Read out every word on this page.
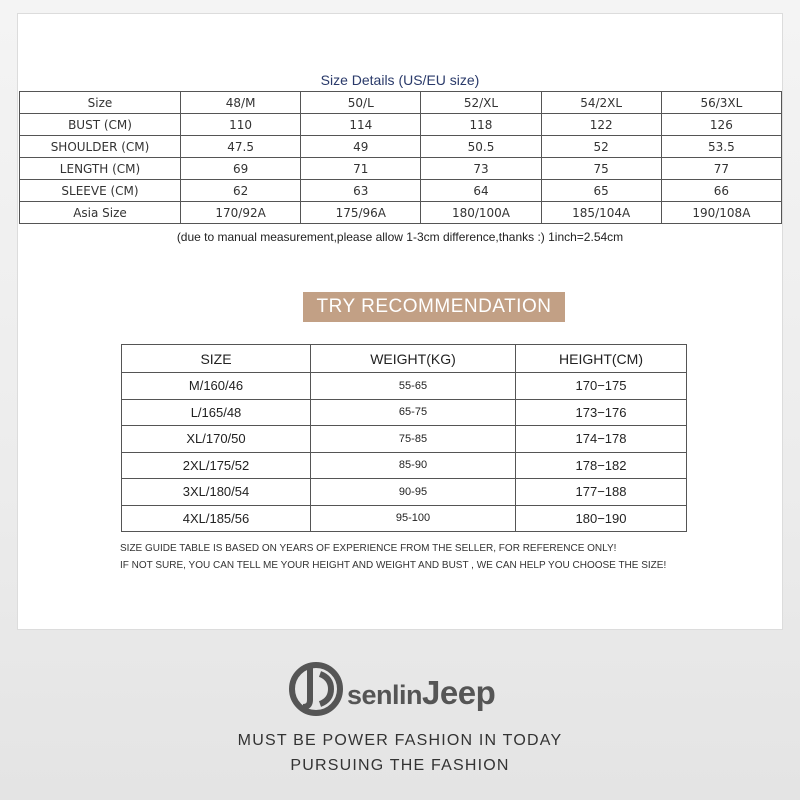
Size Details (US/EU size)
Size	48/M	50/L	52/XL	54/2XL	56/3XL
BUST (CM)	110	114	118	122	126
SHOULDER (CM)	47.5	49	50.5	52	53.5
LENGTH (CM)	69	71	73	75	77
SLEEVE (CM)	62	63	64	65	66
Asia Size	170/92A	175/96A	180/100A	185/104A	190/108A
(due to manual measurement,please allow 1-3cm difference,thanks :) 1inch=2.54cm
TRY RECOMMENDATION
SIZE	WEIGHT(KG)	HEIGHT(CM)
M/160/46	55-65	170−175
L/165/48	65-75	173−176
XL/170/50	75-85	174−178
2XL/175/52	85-90	178−182
3XL/180/54	90-95	177−188
4XL/185/56	95-100	180−190
SIZE GUIDE TABLE IS BASED ON YEARS OF EXPERIENCE FROM THE SELLER, FOR REFERENCE ONLY!
IF NOT SURE, YOU CAN TELL ME YOUR HEIGHT AND WEIGHT AND BUST , WE CAN HELP YOU CHOOSE THE SIZE!
senlinJeep
MUST BE POWER FASHION IN TODAY
PURSUING THE FASHION
